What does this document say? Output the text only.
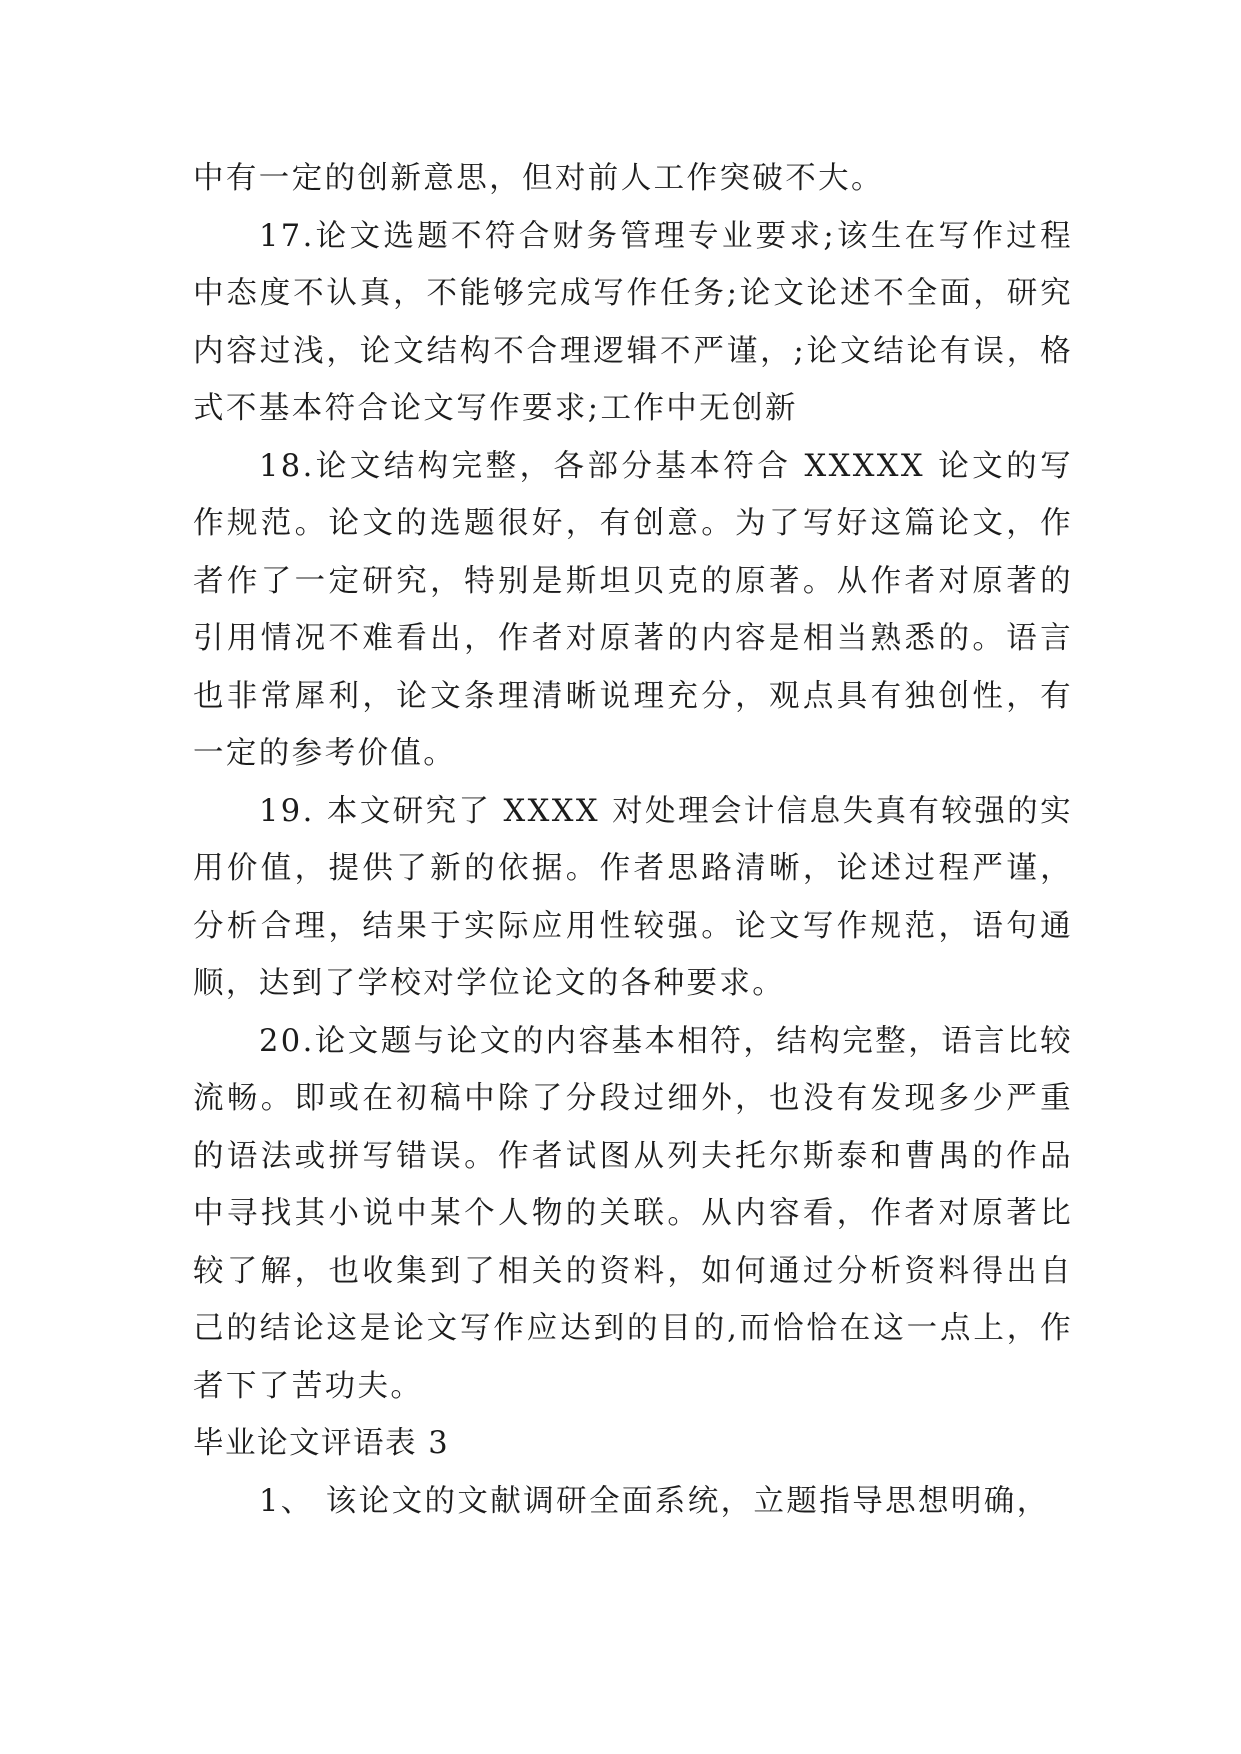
中有一定的创新意思，但对前人工作突破不大。

17.论文选题不符合财务管理专业要求;该生在写作过程中态度不认真，不能够完成写作任务;论文论述不全面，研究内容过浅，论文结构不合理逻辑不严谨，;论文结论有误，格式不基本符合论文写作要求;工作中无创新

18.论文结构完整，各部分基本符合 XXXXX 论文的写作规范。论文的选题很好，有创意。为了写好这篇论文，作者作了一定研究，特别是斯坦贝克的原著。从作者对原著的引用情况不难看出，作者对原著的内容是相当熟悉的。语言也非常犀利，论文条理清晰说理充分，观点具有独创性，有一定的参考价值。

19. 本文研究了 XXXX 对处理会计信息失真有较强的实用价值，提供了新的依据。作者思路清晰，论述过程严谨，分析合理，结果于实际应用性较强。论文写作规范，语句通顺，达到了学校对学位论文的各种要求。

20.论文题与论文的内容基本相符，结构完整，语言比较流畅。即或在初稿中除了分段过细外，也没有发现多少严重的语法或拼写错误。作者试图从列夫托尔斯泰和曹禺的作品中寻找其小说中某个人物的关联。从内容看，作者对原著比较了解，也收集到了相关的资料，如何通过分析资料得出自己的结论这是论文写作应达到的目的,而恰恰在这一点上，作者下了苦功夫。

毕业论文评语表 3

1、 该论文的文献调研全面系统，立题指导思想明确，
